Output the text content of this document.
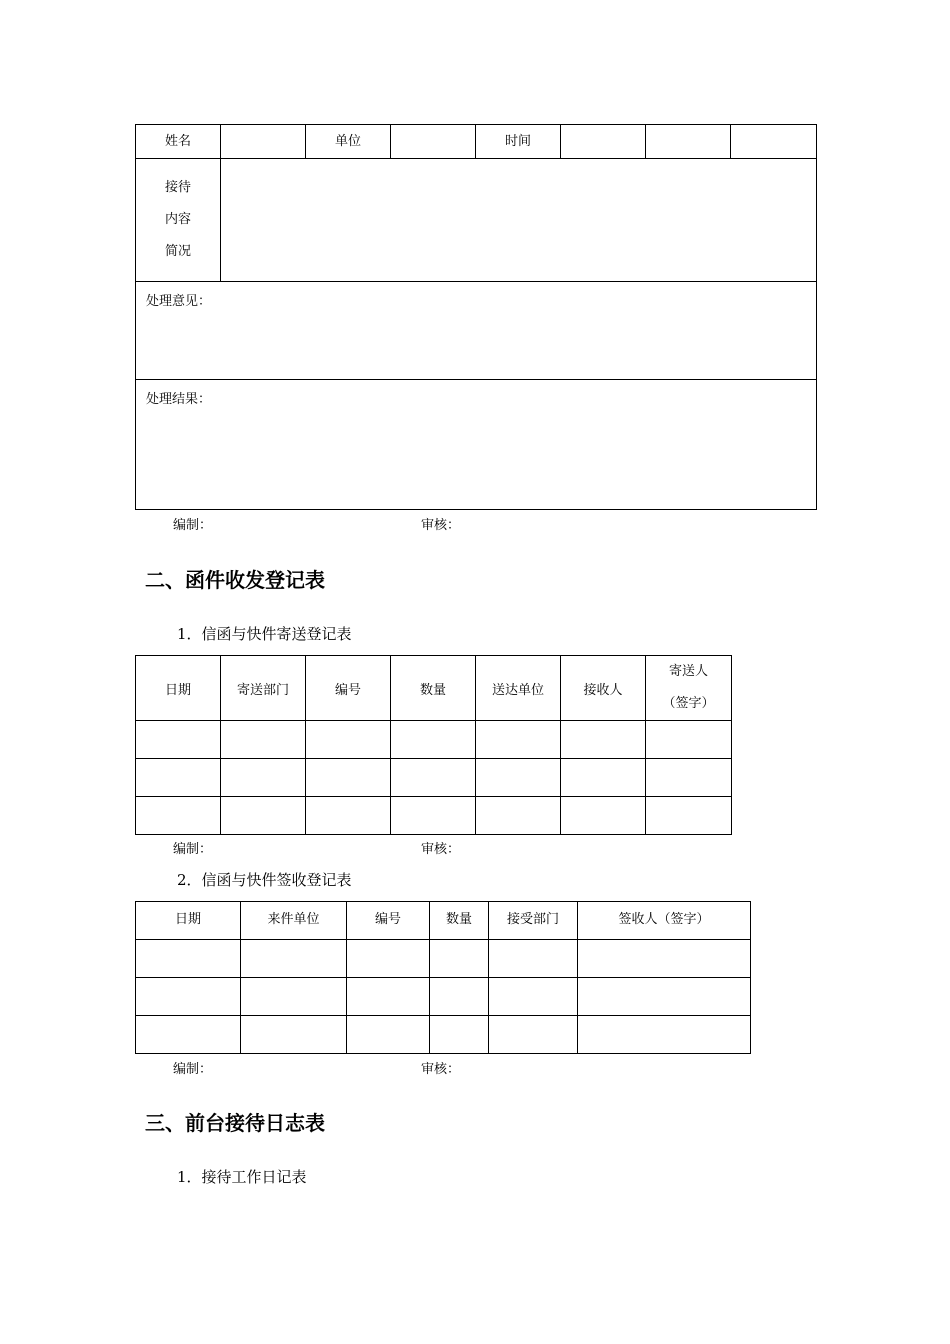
姓名		单位		时间			

接待
内容
简况							

处理意见：							
处理结果：							
编制：	审核：
二、函件收发登记表
1．信函与快件寄送登记表
日期	寄送部门	编号	数量	送达单位	接收人	寄送人
（签字）

编制：	审核：
2．信函与快件签收登记表
日期	来件单位	编号	数量	接受部门	签收人（签字）

编制：	审核：
三、前台接待日志表
1．接待工作日记表
